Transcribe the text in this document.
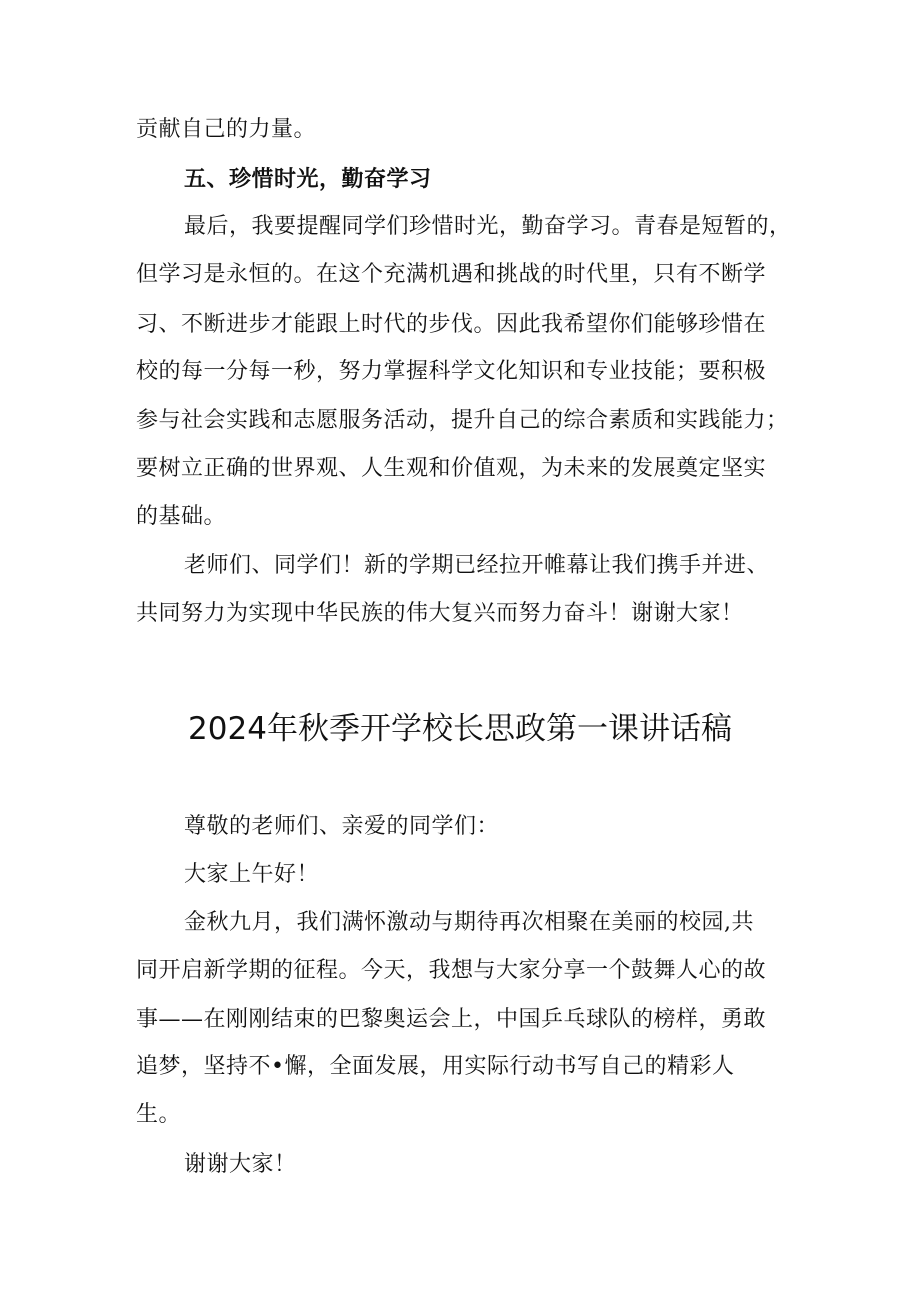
贡献自己的力量。
五、珍惜时光，勤奋学习
最后，我要提醒同学们珍惜时光，勤奋学习。青春是短暂的，
但学习是永恒的。在这个充满机遇和挑战的时代里，只有不断学
习、不断进步才能跟上时代的步伐。因此我希望你们能够珍惜在
校的每一分每一秒，努力掌握科学文化知识和专业技能；要积极
参与社会实践和志愿服务活动，提升自己的综合素质和实践能力；
要树立正确的世界观、人生观和价值观，为未来的发展奠定坚实
的基础。
老师们、同学们！新的学期已经拉开帷幕让我们携手并进、
共同努力为实现中华民族的伟大复兴而努力奋斗！谢谢大家！
2024年秋季开学校长思政第一课讲话稿
尊敬的老师们、亲爱的同学们：
大家上午好！
金秋九月，我们满怀激动与期待再次相聚在美丽的校园,共
同开启新学期的征程。今天，我想与大家分享一个鼓舞人心的故
事——在刚刚结束的巴黎奥运会上，中国乒乓球队的榜样，勇敢
追梦，坚持不•懈，全面发展，用实际行动书写自己的精彩人
生。
谢谢大家！
